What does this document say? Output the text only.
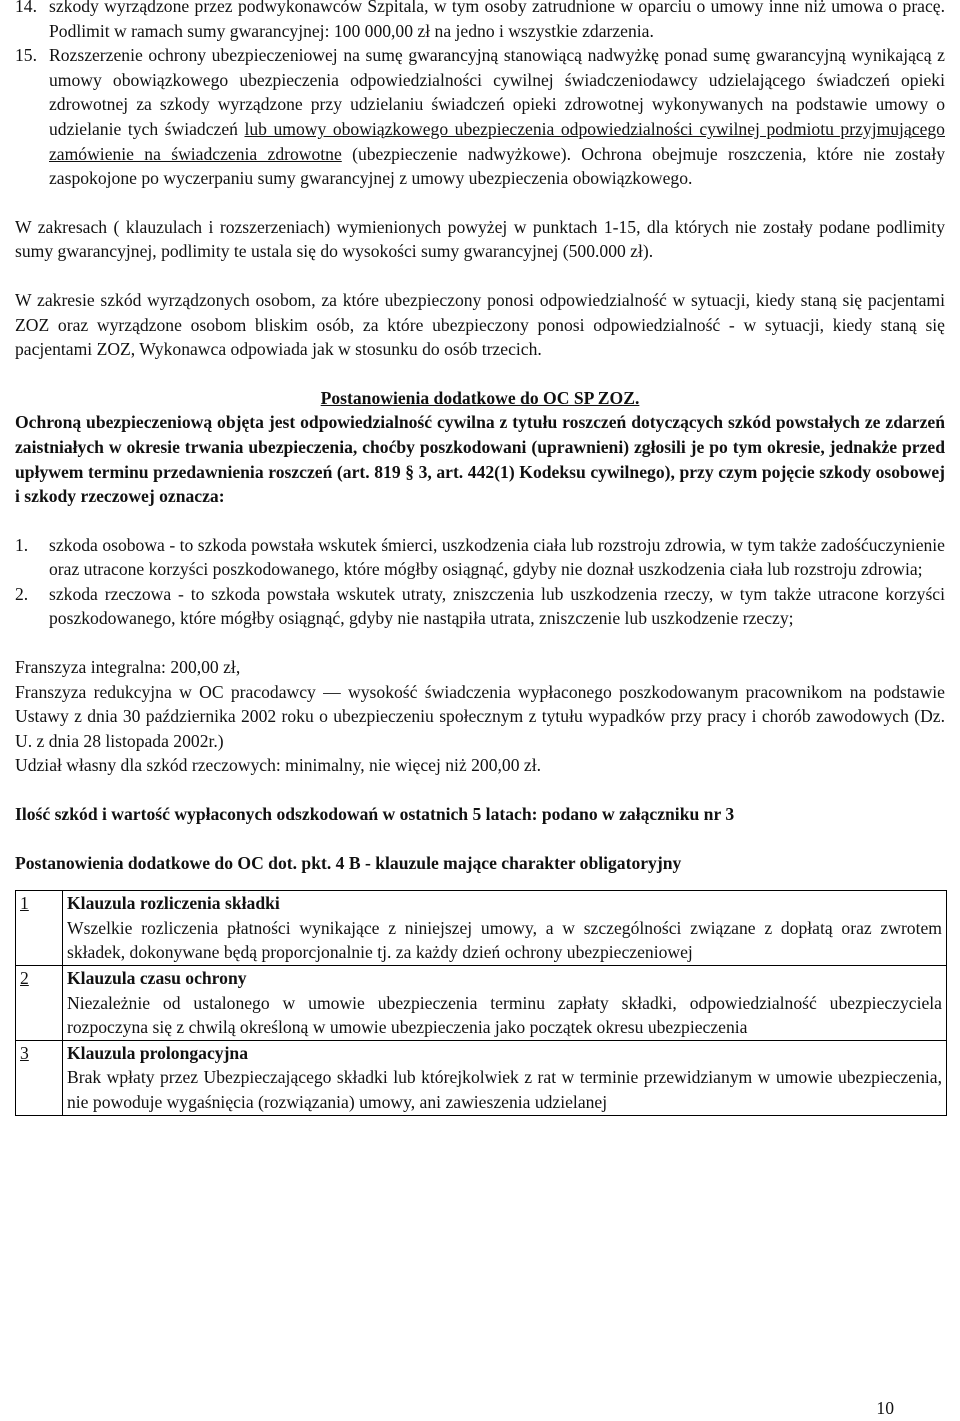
14. szkody wyrządzone przez podwykonawców Szpitala, w tym osoby zatrudnione w oparciu o umowy inne niż umowa o pracę. Podlimit w ramach sumy gwarancyjnej: 100 000,00 zł na jedno i wszystkie zdarzenia.

15. Rozszerzenie ochrony ubezpieczeniowej na sumę gwarancyjną stanowiącą nadwyżkę ponad sumę gwarancyjną wynikającą z umowy obowiązkowego ubezpieczenia odpowiedzialności cywilnej świadczeniodawcy udzielającego świadczeń opieki zdrowotnej za szkody wyrządzone przy udzielaniu świadczeń opieki zdrowotnej wykonywanych na podstawie umowy o udzielanie tych świadczeń lub umowy obowiązkowego ubezpieczenia odpowiedzialności cywilnej podmiotu przyjmującego zamówienie na świadczenia zdrowotne (ubezpieczenie nadwyżkowe). Ochrona obejmuje roszczenia, które nie zostały zaspokojone po wyczerpaniu sumy gwarancyjnej z umowy ubezpieczenia obowiązkowego.

W zakresach ( klauzulach i rozszerzeniach) wymienionych powyżej w punktach 1-15, dla których nie zostały podane podlimity sumy gwarancyjnej, podlimity te ustala się do wysokości sumy gwarancyjnej (500.000 zł).

W zakresie szkód wyrządzonych osobom, za które ubezpieczony ponosi odpowiedzialność w sytuacji, kiedy staną się pacjentami ZOZ oraz wyrządzone osobom bliskim osób, za które ubezpieczony ponosi odpowiedzialność - w sytuacji, kiedy staną się pacjentami ZOZ, Wykonawca odpowiada jak w stosunku do osób trzecich.

Postanowienia dodatkowe do OC SP ZOZ.

Ochroną ubezpieczeniową objęta jest odpowiedzialność cywilna z tytułu roszczeń dotyczących szkód powstałych ze zdarzeń zaistniałych w okresie trwania ubezpieczenia, choćby poszkodowani (uprawnieni) zgłosili je po tym okresie, jednakże przed upływem terminu przedawnienia roszczeń (art. 819 § 3, art. 442(1) Kodeksu cywilnego), przy czym pojęcie szkody osobowej i szkody rzeczowej oznacza:

1.	szkoda osobowa - to szkoda powstała wskutek śmierci, uszkodzenia ciała lub rozstroju zdrowia, w tym także zadośćuczynienie oraz utracone korzyści poszkodowanego, które mógłby osiągnąć, gdyby nie doznał uszkodzenia ciała lub rozstroju zdrowia;

2.	szkoda rzeczowa - to szkoda powstała wskutek utraty, zniszczenia lub uszkodzenia rzeczy, w tym także utracone korzyści poszkodowanego, które mógłby osiągnąć, gdyby nie nastąpiła utrata, zniszczenie lub uszkodzenie rzeczy;

Franszyza integralna: 200,00 zł,

Franszyza redukcyjna w OC pracodawcy — wysokość świadczenia wypłaconego poszkodowanym pracownikom na podstawie Ustawy z dnia 30 października 2002 roku o ubezpieczeniu społecznym z tytułu wypadków przy pracy i chorób zawodowych (Dz. U. z dnia 28 listopada 2002r.)

Udział własny dla szkód rzeczowych: minimalny, nie więcej niż 200,00 zł.

Ilość szkód i wartość wypłaconych odszkodowań w ostatnich 5 latach: podano w załączniku nr 3

Postanowienia dodatkowe do OC dot. pkt. 4 B - klauzule mające charakter obligatoryjny

1	Klauzula rozliczenia składki
Wszelkie rozliczenia płatności wynikające z niniejszej umowy, a w szczególności związane z dopłatą oraz zwrotem składek, dokonywane będą proporcjonalnie tj. za każdy dzień ochrony ubezpieczeniowej

2	Klauzula czasu ochrony
Niezależnie od ustalonego w umowie ubezpieczenia terminu zapłaty składki, odpowiedzialność ubezpieczyciela rozpoczyna się z chwilą określoną w umowie ubezpieczenia jako początek okresu ubezpieczenia

3	Klauzula prolongacyjna
Brak wpłaty przez Ubezpieczającego składki lub którejkolwiek z rat w terminie przewidzianym w umowie ubezpieczenia, nie powoduje wygaśnięcia (rozwiązania) umowy, ani zawieszenia udzielanej
10
